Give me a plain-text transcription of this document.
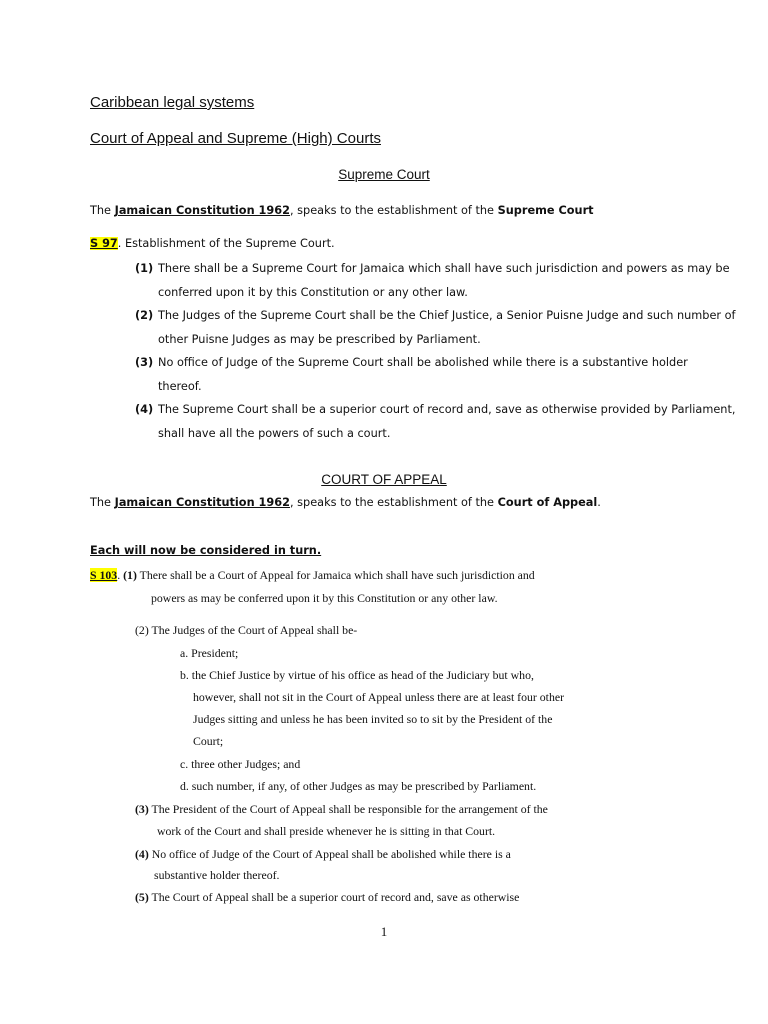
Caribbean legal systems
Court of Appeal and Supreme (High) Courts
Supreme Court
The Jamaican Constitution 1962, speaks to the establishment of the Supreme Court
S 97. Establishment of the Supreme Court.
(1) There shall be a Supreme Court for Jamaica which shall have such jurisdiction and powers as may be
conferred upon it by this Constitution or any other law.
(2) The Judges of the Supreme Court shall be the Chief Justice, a Senior Puisne Judge and such number of
other Puisne Judges as may be prescribed by Parliament.
(3) No office of Judge of the Supreme Court shall be abolished while there is a substantive holder
thereof.
(4) The Supreme Court shall be a superior court of record and, save as otherwise provided by Parliament,
shall have all the powers of such a court.
COURT OF APPEAL
The Jamaican Constitution 1962, speaks to the establishment of the Court of Appeal.
Each will now be considered in turn.
S 103. (1) There shall be a Court of Appeal for Jamaica which shall have such jurisdiction and
powers as may be conferred upon it by this Constitution or any other law.
(2) The Judges of the Court of Appeal shall be-
a. President;
b. the Chief Justice by virtue of his office as head of the Judiciary but who,
however, shall not sit in the Court of Appeal unless there are at least four other
Judges sitting and unless he has been invited so to sit by the President of the
Court;
c. three other Judges; and
d. such number, if any, of other Judges as may be prescribed by Parliament.
(3) The President of the Court of Appeal shall be responsible for the arrangement of the
work of the Court and shall preside whenever he is sitting in that Court.
(4) No office of Judge of the Court of Appeal shall be abolished while there is a
substantive holder thereof.
(5) The Court of Appeal shall be a superior court of record and, save as otherwise
1
